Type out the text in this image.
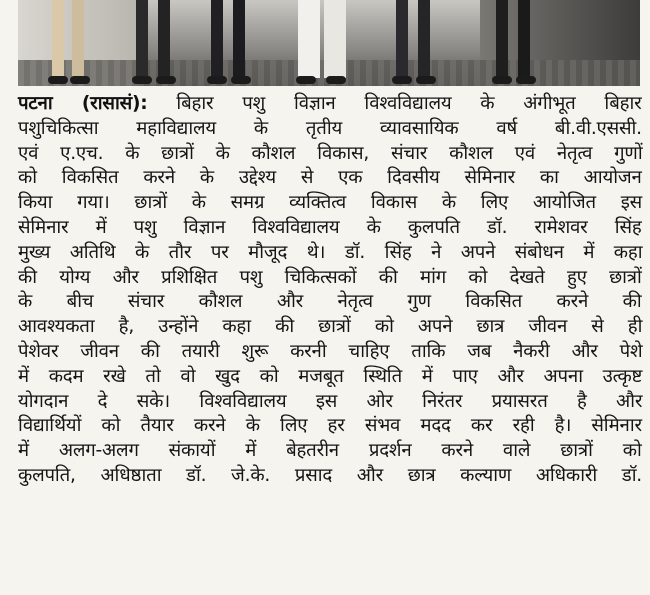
पटना (रासासं): बिहार पशु विज्ञान विश्वविद्यालय के अंगीभूत बिहार
पशुचिकित्सा महाविद्यालय के तृतीय व्यावसायिक वर्ष बी.वी.एससी.
एवं ए.एच. के छात्रों के कौशल विकास, संचार कौशल एवं नेतृत्व गुणों
को विकसित करने के उद्देश्य से एक दिवसीय सेमिनार का आयोजन
किया गया। छात्रों के समग्र व्यक्तित्व विकास के लिए आयोजित इस
सेमिनार में पशु विज्ञान विश्वविद्यालय के कुलपति डॉ. रामेशवर सिंह
मुख्य अतिथि के तौर पर मौजूद थे। डॉ. सिंह ने अपने संबोधन में कहा
की योग्य और प्रशिक्षित पशु चिकित्सकों की मांग को देखते हुए छात्रों
के बीच संचार कौशल और नेतृत्व गुण विकसित करने की
आवश्यकता है, उन्होंने कहा की छात्रों को अपने छात्र जीवन से ही
पेशेवर जीवन की तयारी शुरू करनी चाहिए ताकि जब नैकरी और पेशे
में कदम रखे तो वो खुद को मजबूत स्थिति में पाए और अपना उत्कृष्ट
योगदान दे सके। विश्वविद्यालय इस ओर निरंतर प्रयासरत है और
विद्यार्थियों को तैयार करने के लिए हर संभव मदद कर रही है। सेमिनार
में अलग-अलग संकायों में बेहतरीन प्रदर्शन करने वाले छात्रों को
कुलपति, अधिष्ठाता डॉ. जे.के. प्रसाद और छात्र कल्याण अधिकारी डॉ.
